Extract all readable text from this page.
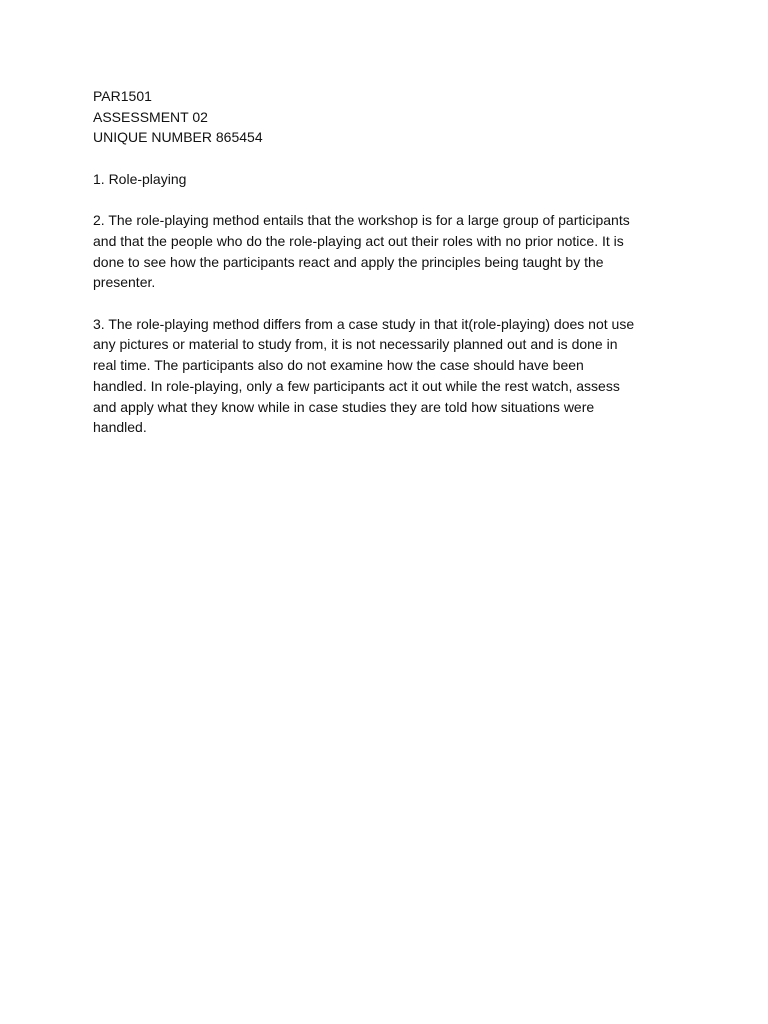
PAR1501

ASSESSMENT 02

UNIQUE NUMBER 865454

1. Role-playing
2. The role-playing method entails that the workshop is for a large group of participants
and that the people who do the role-playing act out their roles with no prior notice. It is
done to see how the participants react and apply the principles being taught by the
presenter.
3. The role-playing method differs from a case study in that it(role-playing) does not use
any pictures or material to study from, it is not necessarily planned out and is done in
real time. The participants also do not examine how the case should have been
handled. In role-playing, only a few participants act it out while the rest watch, assess
and apply what they know while in case studies they are told how situations were
handled.
